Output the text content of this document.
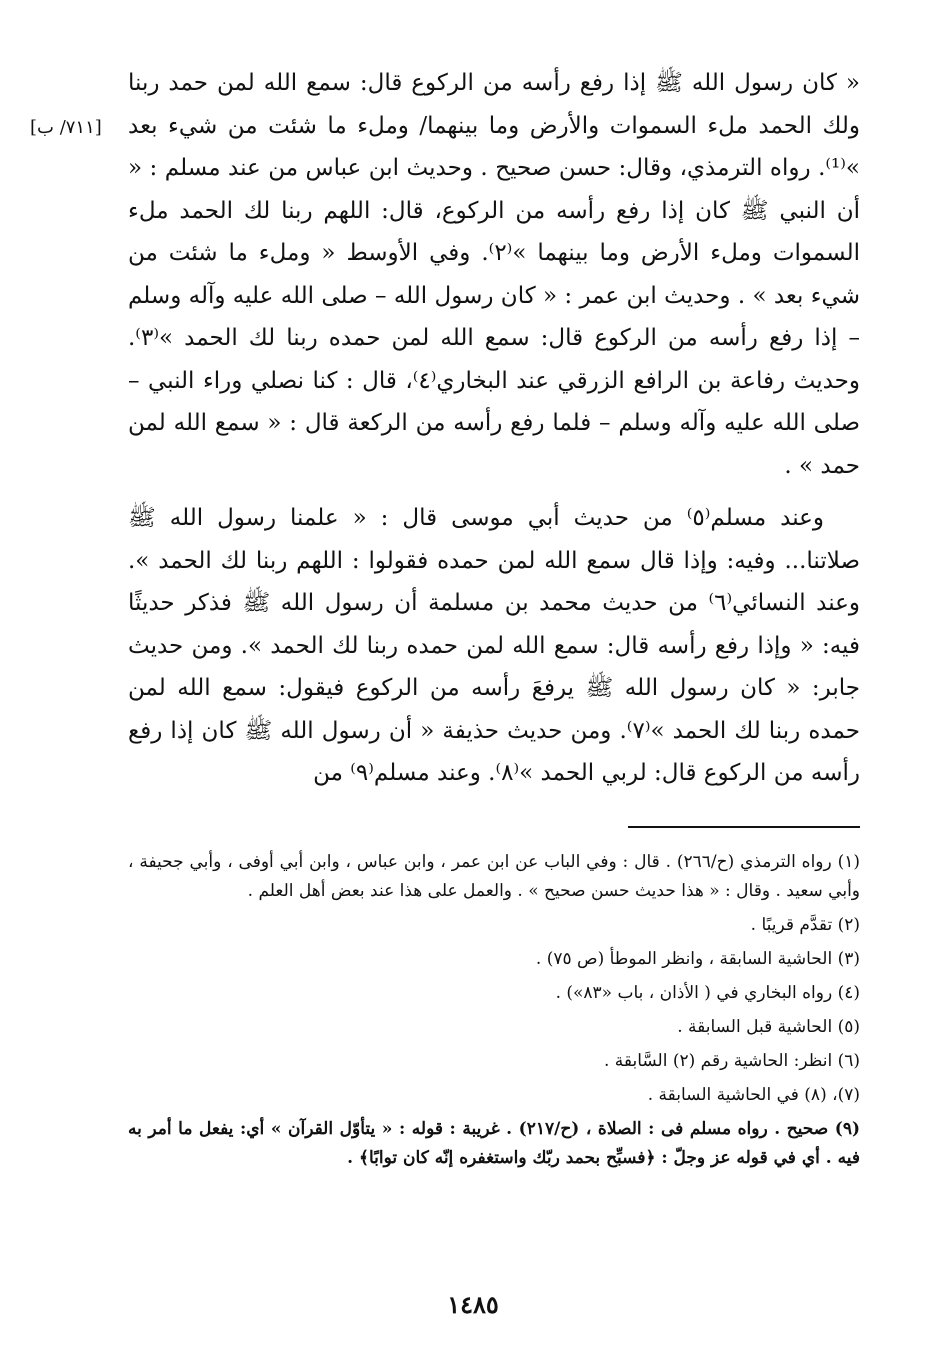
[٧١١/ ب]

« كان رسول الله ﷺ إذا رفع رأسه من الركوع قال: سمع الله لمن حمد ربنا ولك الحمد ملء السموات والأرض وما بينهما/ وملء ما شئت من شيء بعد »⁽¹⁾. رواه الترمذي، وقال: حسن صحيح . وحديث ابن عباس من عند مسلم : « أن النبي ﷺ كان إذا رفع رأسه من الركوع، قال: اللهم ربنا لك الحمد ملء السموات وملء الأرض وما بينهما »⁽٢⁾. وفي الأوسط « وملء ما شئت من شيء بعد » . وحديث ابن عمر : « كان رسول الله – صلى الله عليه وآله وسلم – إذا رفع رأسه من الركوع قال: سمع الله لمن حمده ربنا لك الحمد »⁽٣⁾. وحديث رفاعة بن الرافع الزرقي عند البخاري⁽٤⁾، قال : كنا نصلي وراء النبي – صلى الله عليه وآله وسلم – فلما رفع رأسه من الركعة قال : « سمع الله لمن حمد » .

وعند مسلم⁽٥⁾ من حديث أبي موسى قال : « علمنا رسول الله ﷺ صلاتنا... وفيه: وإذا قال سمع الله لمن حمده فقولوا : اللهم ربنا لك الحمد ». وعند النسائي⁽٦⁾ من حديث محمد بن مسلمة أن رسول الله ﷺ فذكر حديثًا فيه: « وإذا رفع رأسه قال: سمع الله لمن حمده ربنا لك الحمد ». ومن حديث جابر: « كان رسول الله ﷺ يرفعَ رأسه من الركوع فيقول: سمع الله لمن حمده ربنا لك الحمد »⁽٧⁾. ومن حديث حذيفة « أن رسول الله ﷺ كان إذا رفع رأسه من الركوع قال: لربي الحمد »⁽٨⁾. وعند مسلم⁽٩⁾ من

(١) رواه الترمذي (ح/٢٦٦) . قال : وفي الباب عن ابن عمر ، وابن عباس ، وابن أبي أوفى ، وأبي جحيفة ، وأبي سعيد . وقال : « هذا حديث حسن صحيح » . والعمل على هذا عند بعض أهل العلم .

(٢) تقدَّم قريبًا .

(٣) الحاشية السابقة ، وانظر الموطأ (ص ٧٥) .

(٤) رواه البخاري في ( الأذان ، باب «٨٣») .

(٥) الحاشية قبل السابقة .

(٦) انظر: الحاشية رقم (٢) السَّابقة .

(٧)، (٨) في الحاشية السابقة .

(٩) صحيح . رواه مسلم فى : الصلاة ، (ح/٢١٧) . غريبة : قوله : « يتأوّل القرآن » أي: يفعل ما أمر به فيه . أي في قوله عز وجلّ : ﴿فسبِّح بحمد ربّك واستغفره إنّه كان توابًا﴾ .

١٤٨٥
